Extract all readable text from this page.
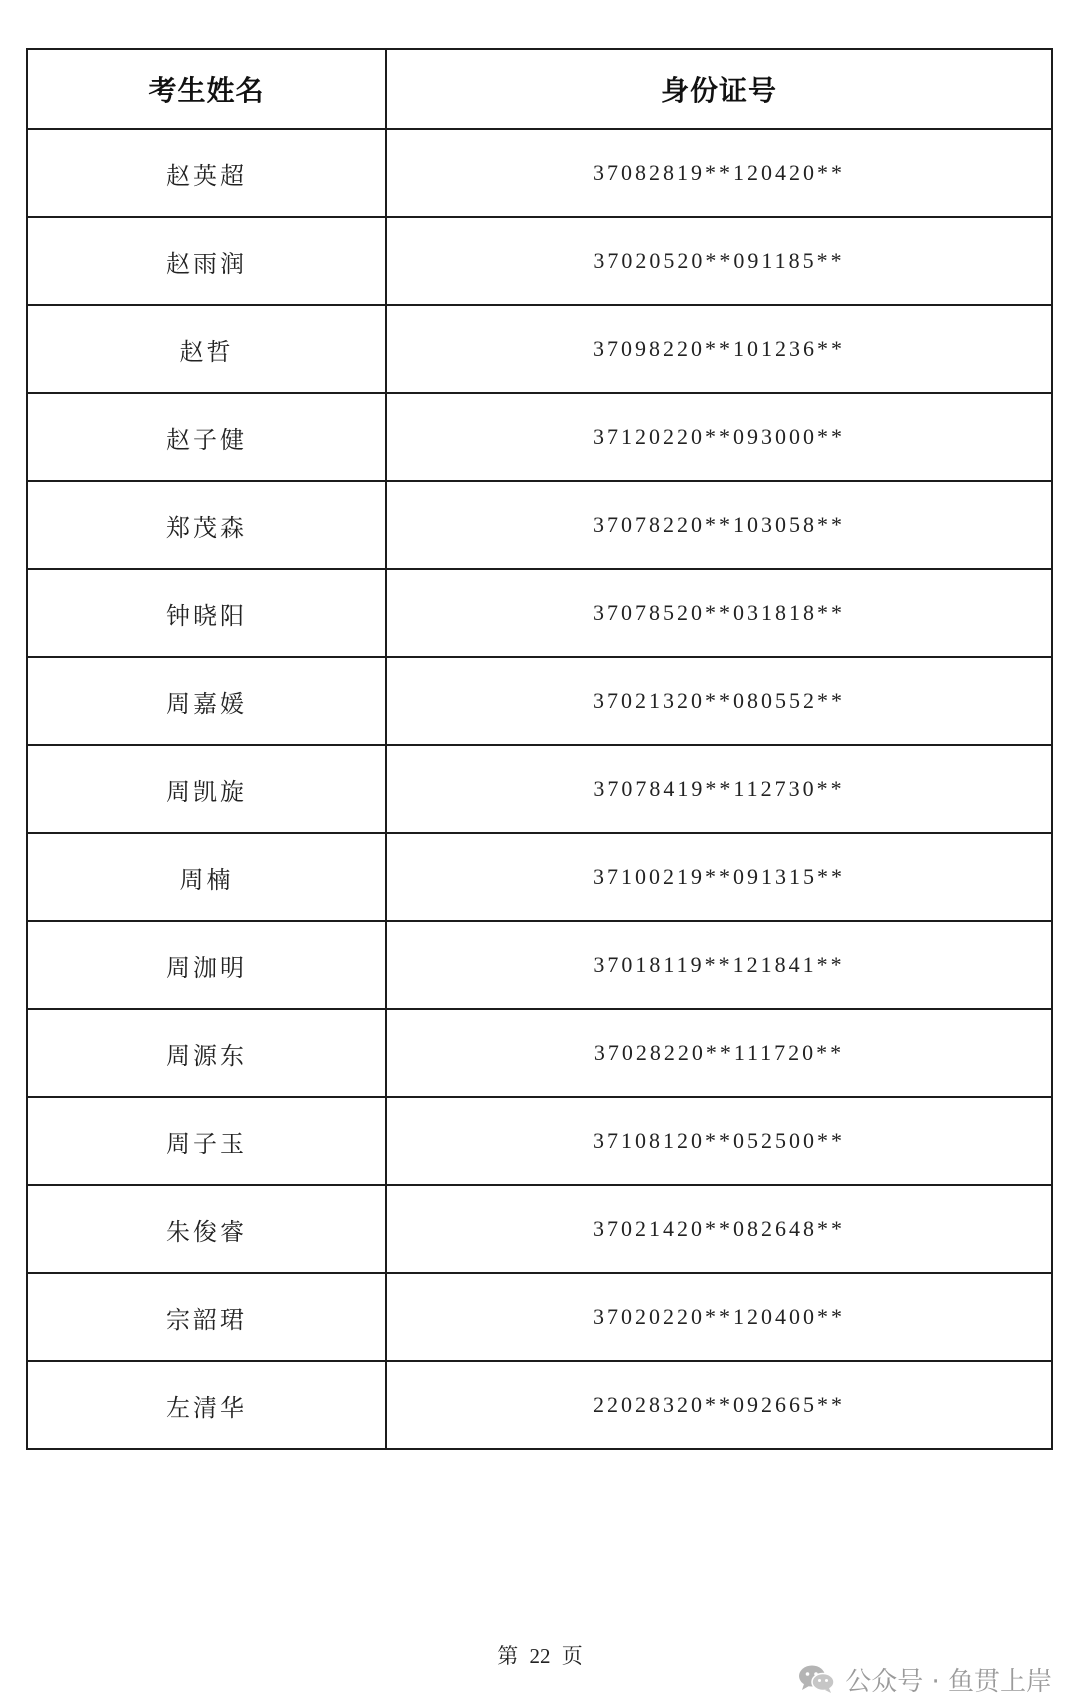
考生姓名	身份证号
赵英超	37082819**120420**
赵雨润	37020520**091185**
赵哲	37098220**101236**
赵子健	37120220**093000**
郑茂森	37078220**103058**
钟晓阳	37078520**031818**
周嘉媛	37021320**080552**
周凯旋	37078419**112730**
周楠	37100219**091315**
周泇明	37018119**121841**
周源东	37028220**111720**
周子玉	37108120**052500**
朱俊睿	37021420**082648**
宗韶珺	37020220**120400**
左清华	22028320**092665**
第 22 页
公众号 · 鱼贯上岸
